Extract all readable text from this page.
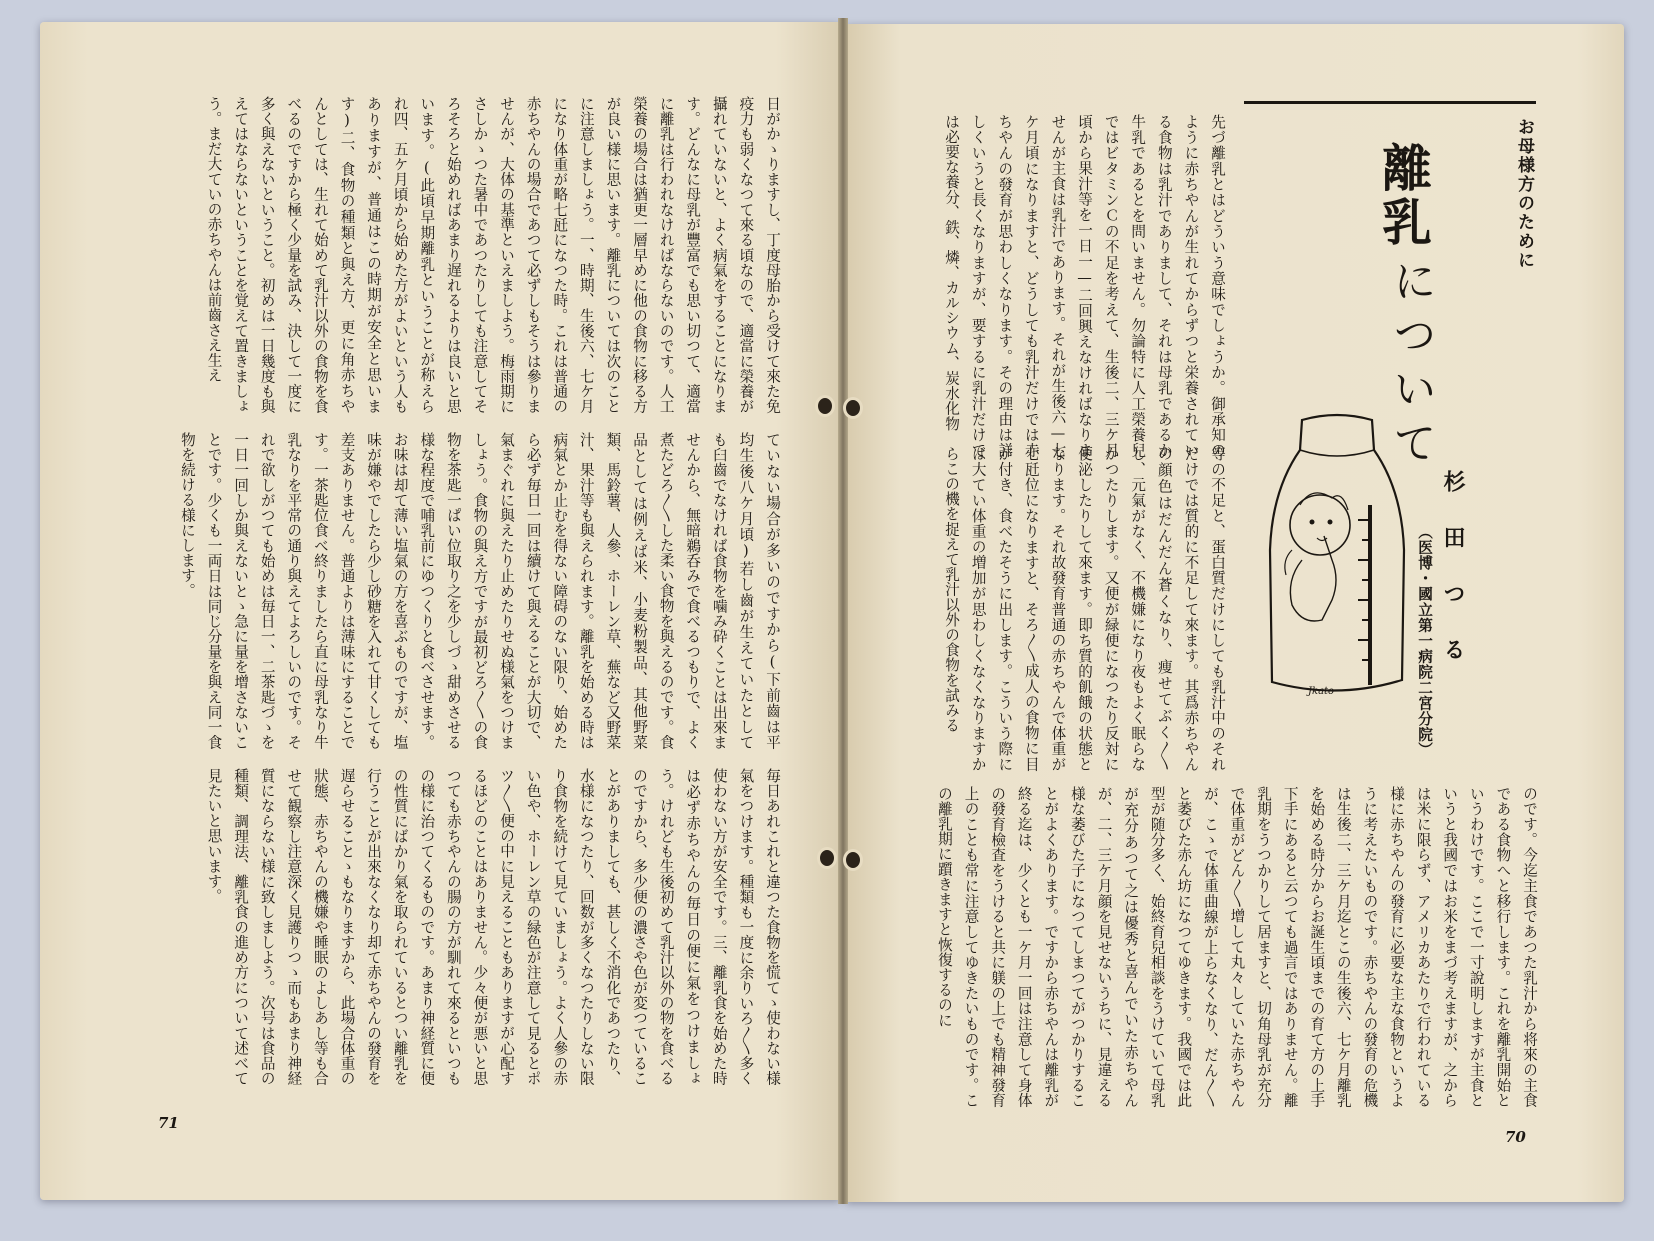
お母様方のために
離乳
について
杉田つる
（医博・國立第一病院二宮分院）
Jkato
先づ離乳とはどういう意味でしょうか。御承知のように赤ちやんが生れてからずつと栄養されている食物は乳汁でありまして、それは母乳であるか牛乳であるとを問いません。勿論特に人工榮養兒ではビタミンＣの不足を考えて、生後二、三ケ月頃から果汁等を一日一—二回興えなければなりませんが主食は乳汁であります。それが生後六—七ケ月頃になりますと、どうしても乳汁だけでは赤ちやんの發育が思わしくなります。その理由は詳しくいうと長くなりますが、要するに乳汁だけでは必要な養分、鉄、燐、カルシウム、炭水化物
等の不足と、蛋白質だけにしても乳汁中のそれだけでは質的に不足して來ます。其爲赤ちやんの顔色はだんだん蒼くなり、痩せてぶく〳〵し、元氣がなく、不機嫌になり夜もよく眠らなかつたりします。又便が緑便になつたり反対に便泌したりして來ます。即ち質的飢餓の状態となります。それ故發育普通の赤ちやんで体重が七瓩位になりますと、そろ〳〵成人の食物に目が付き、食べたそうに出します。こういう際には大てい体重の増加が思わしくなくなりますからこの機を捉えて乳汁以外の食物を試みる
のです。今迄主食であつた乳汁から将來の主食である食物へと移行します。これを離乳開始というわけです。ここで一寸說明しますが主食というと我國ではお米をまづ考えますが、之からは米に限らず、アメリカあたりで行われている様に赤ちやんの發育に必要な主な食物というように考えたいものです。赤ちやんの發育の危機は生後二、三ケ月迄とこの生後六、七ケ月離乳を始める時分からお誕生頃までの育て方の上手下手にあると云つても過言ではありません。離乳期をうつかりして居ますと、切角母乳が充分で体重がどん〳〵增して丸々していた赤ちやんが、こゝで体重曲線が上らなくなり、だん〳〵と萎びた赤ん坊になつてゆきます。我國では此型が随分多く、始終育兒相談をうけていて母乳が充分あつて之は優秀と喜んでいた赤ちやんが、二、三ケ月顔を見せないうちに、見違える様な萎びた子になつてしまつてがつかりすることがよくあります。ですから赤ちやんは離乳が終る迄は、少くとも一ケ月一回は注意して身体の發育檢査をうけると共に躾の上でも精神發育上のことも常に注意してゆきたいものです。この離乳期に躓きますと恢復するのに
70
日がかゝりますし、丁度母胎から受けて來た免疫力も弱くなつて來る頃なので、適當に榮養が攝れていないと、よく病氣をすることになります。どんなに母乳が豐富でも思い切つて、適當に離乳は行われなければならないのです。人工榮養の場合は猶更一層早めに他の食物に移る方が良い様に思います。離乳については次のことに注意しましょう。一、時期、生後六、七ケ月になり体重が略七瓩になつた時。これは普通の赤ちやんの場合であつて必ずしもそうは參りませんが、大体の基準といえましよう。梅雨期にさしかゝつた暑中であつたりしても注意してそろそろと始めればあまり遅れるよりは良いと思います。(此頃早期離乳ということが称えられ四、五ケ月頃から始めた方がよいという人もありますが、普通はこの時期が安全と思います)二、食物の種類と與え方、更に角赤ちやんとしては、生れて始めて乳汁以外の食物を食べるのですから極く少量を試み、決して一度に多く與えないということ。初めは一日幾度も與えてはならないということを覚えて置きましょう。まだ大ていの赤ちやんは前齒さえ生え
ていない場合が多いのですから(下前齒は平均生後八ケ月頃)若し齒が生えていたとしても臼齒でなければ食物を噛み砕くことは出來ませんから、無暗鵜呑みで食べるつもりで、よく煮たどろ〳〵した柔い食物を與えるのです。食品としては例えば米、小麦粉製品、其他野菜類、馬鈴薯、人參、ホーレン草、蕪など又野菜汁、果汁等も與えられます。離乳を始める時は病氣とか止むを得ない障碍のない限り、始めたら必ず毎日一回は續けて與えることが大切で、氣まぐれに與えたり止めたりせぬ様氣をつけましょう。食物の與え方ですが最初どろ〳〵の食物を茶匙一ぱい位取り之を少しづゝ甜めさせる様な程度で哺乳前にゆつくりと食べさせます。お味は却て薄い塩氣の方を喜ぶものですが、塩味が嫌やでしたら少し砂糖を入れて甘くしても差支ありません。普通よりは薄味にすることです。一茶匙位食べ終りましたら直に母乳なり牛乳なりを平常の通り與えてよろしいのです。それで欲しがつても始めは毎日一、二茶匙づゝを一日一回しか與えないとゝ急に量を增さないことです。少くも一両日は同じ分量を與え同一食物を続ける様にします。
毎日あれこれと違つた食物を慌てゝ使わない様氣をつけます。種類も一度に余りいろ〳〵多く使わない方が安全です。三、離乳食を始めた時は必ず赤ちやんの毎日の便に氣をつけましょう。けれども生後初めて乳汁以外の物を食べるのですから、多少便の濃さや色が変つていることがありましても、甚しく不消化であつたり、水様になつたり、回数が多くなつたりしない限り食物を続けて見ていましょう。よく人參の赤い色や、ホーレン草の緑色が注意して見るとポツ〳〵便の中に見えることもありますが心配するほどのことはありません。少々便が悪いと思つても赤ちやんの腸の方が馴れて來るといつもの様に治つてくるものです。あまり神経質に便の性質にばかり氣を取られているとつい離乳を行うことが出來なくなり却て赤ちやんの發育を遅らせることゝもなりますから、此場合体重の狀態、赤ちやんの機嫌や睡眠のよしあし等も合せて観察し注意深く見護りつゝ而もあまり神経質にならない様に致しましよう。次号は食品の種類、調理法、離乳食の進め方について述べて見たいと思います。
71
